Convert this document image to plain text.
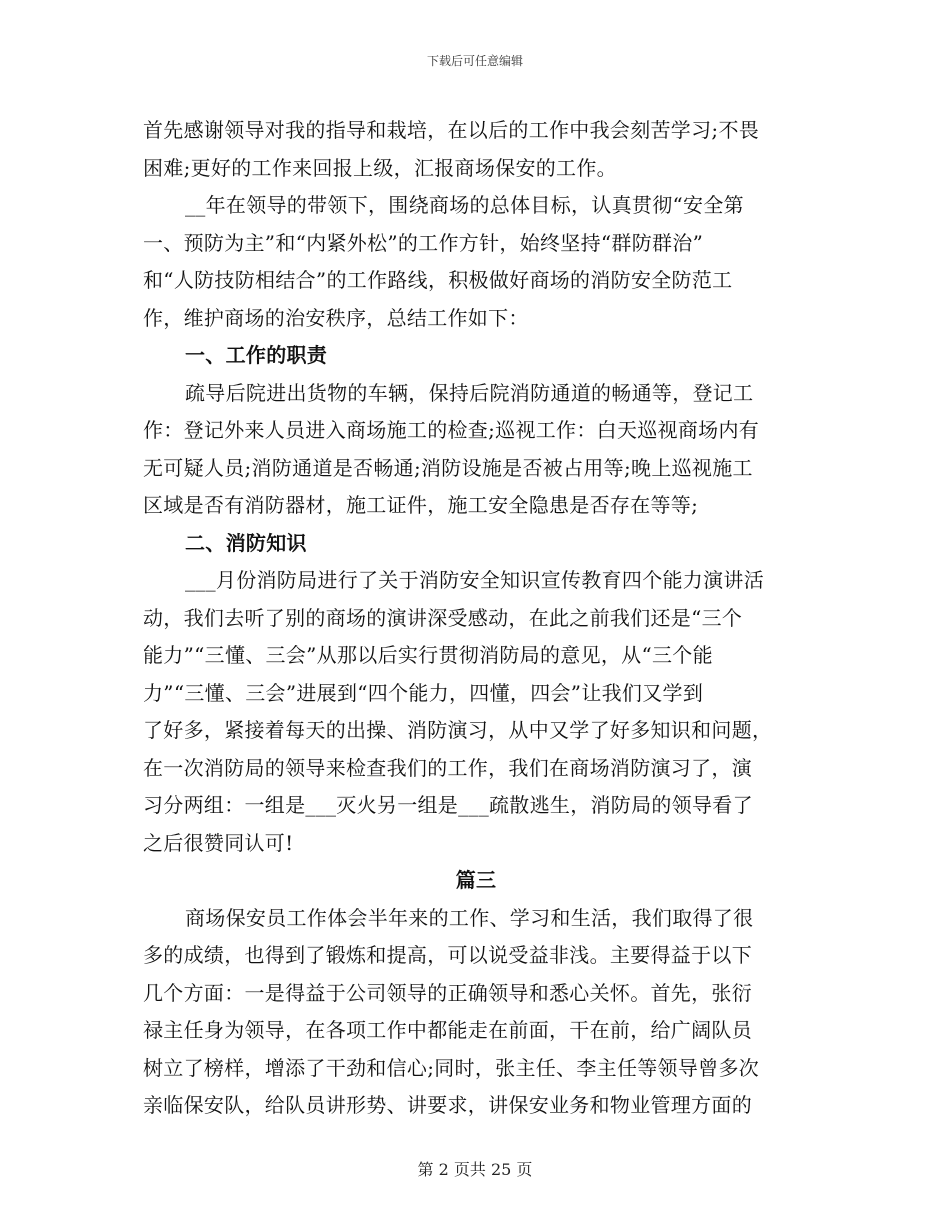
下载后可任意编辑
首先感谢领导对我的指导和栽培，在以后的工作中我会刻苦学习;不畏
困难;更好的工作来回报上级，汇报商场保安的工作。
__年在领导的带领下，围绕商场的总体目标，认真贯彻“安全第
一、预防为主”和“内紧外松”的工作方针，始终坚持“群防群治”
和“人防技防相结合”的工作路线，积极做好商场的消防安全防范工
作，维护商场的治安秩序，总结工作如下：
一、工作的职责
疏导后院进出货物的车辆，保持后院消防通道的畅通等，登记工
作：登记外来人员进入商场施工的检查;巡视工作：白天巡视商场内有
无可疑人员;消防通道是否畅通;消防设施是否被占用等;晚上巡视施工
区域是否有消防器材，施工证件，施工安全隐患是否存在等等;
二、消防知识
___月份消防局进行了关于消防安全知识宣传教育四个能力演讲活
动，我们去听了别的商场的演讲深受感动，在此之前我们还是“三个
能力”“三懂、三会”从那以后实行贯彻消防局的意见，从“三个能
力”“三懂、三会”进展到“四个能力，四懂，四会”让我们又学到
了好多，紧接着每天的出操、消防演习，从中又学了好多知识和问题，
在一次消防局的领导来检查我们的工作，我们在商场消防演习了，演
习分两组：一组是___灭火另一组是___疏散逃生，消防局的领导看了
之后很赞同认可!
篇三
商场保安员工作体会半年来的工作、学习和生活，我们取得了很
多的成绩，也得到了锻炼和提高，可以说受益非浅。主要得益于以下
几个方面：一是得益于公司领导的正确领导和悉心关怀。首先，张衍
禄主任身为领导，在各项工作中都能走在前面，干在前，给广阔队员
树立了榜样，增添了干劲和信心;同时，张主任、李主任等领导曾多次
亲临保安队，给队员讲形势、讲要求，讲保安业务和物业管理方面的
第 2 页共 25 页
